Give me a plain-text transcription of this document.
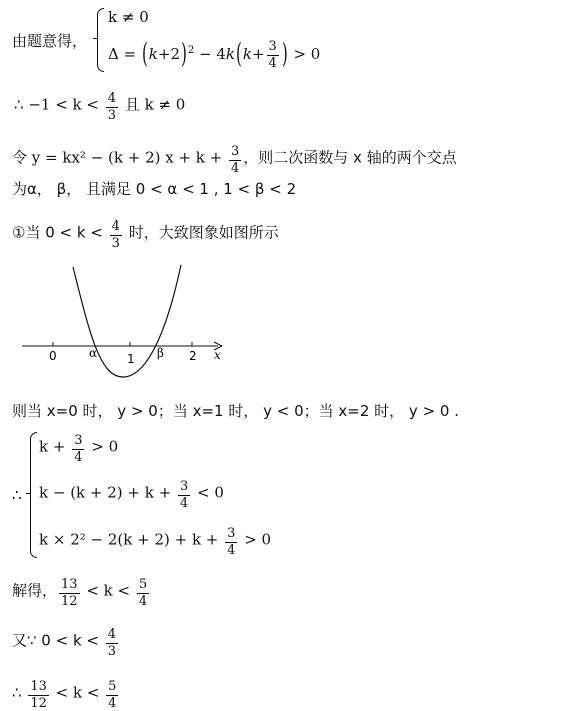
由题意得，
k ≠ 0
$\Delta = (k+2)^2 - 4k(k+ \frac{3}{4}$ ) > 0
∴ $-1 < k < \frac{4}{3}$ 且 k ≠ 0
令 y = kx² − (k + 2) $x + k + \frac{3}{4}$ ，则二次函数与 x 轴的两个交点
为α， β， 且满足 0 < α < 1 , 1 < β < 2
①当 $0 < k < \frac{4}{3}$ 时，大致图象如图所示
0	1	2
α	β	x
则当 x=0 时， y > 0；当 x=1 时， y < 0；当 x=2 时， y > 0 .
∴
$k + \frac{3}{4} > 0$
$k - (k + 2) + k + \frac{3}{4} < 0$
$k \times 2^2 - 2(k + 2) + k + \frac{3}{4} > 0$
解得， $\frac{13}{12} < k < \frac{5}{4}$
又∵ $0 < k < \frac{4}{3}$
∴ $\frac{13}{12} < k < \frac{5}{4}$
